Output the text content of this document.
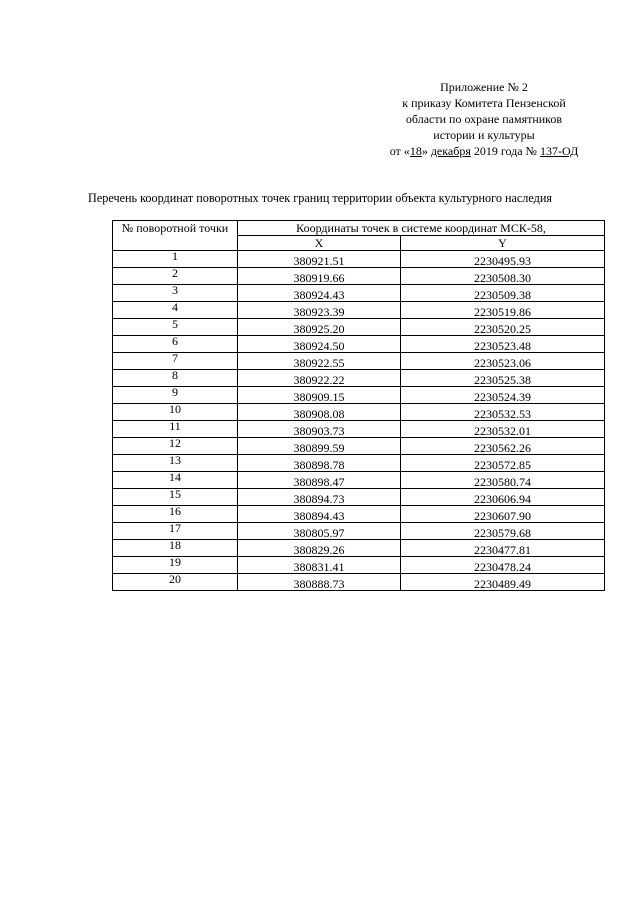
Приложение № 2
к приказу Комитета Пензенской
области по охране памятников
истории и культуры
от «18» декабря 2019 года № 137-ОД
Перечень координат поворотных точек границ территории объекта культурного наследия
№ поворотной точки	Координаты точек в системе координат МСК-58,	
	X	Y
1	380921.51	2230495.93
2	380919.66	2230508.30
3	380924.43	2230509.38
4	380923.39	2230519.86
5	380925.20	2230520.25
6	380924.50	2230523.48
7	380922.55	2230523.06
8	380922.22	2230525.38
9	380909.15	2230524.39
10	380908.08	2230532.53
11	380903.73	2230532.01
12	380899.59	2230562.26
13	380898.78	2230572.85
14	380898.47	2230580.74
15	380894.73	2230606.94
16	380894.43	2230607.90
17	380805.97	2230579.68
18	380829.26	2230477.81
19	380831.41	2230478.24
20	380888.73	2230489.49
